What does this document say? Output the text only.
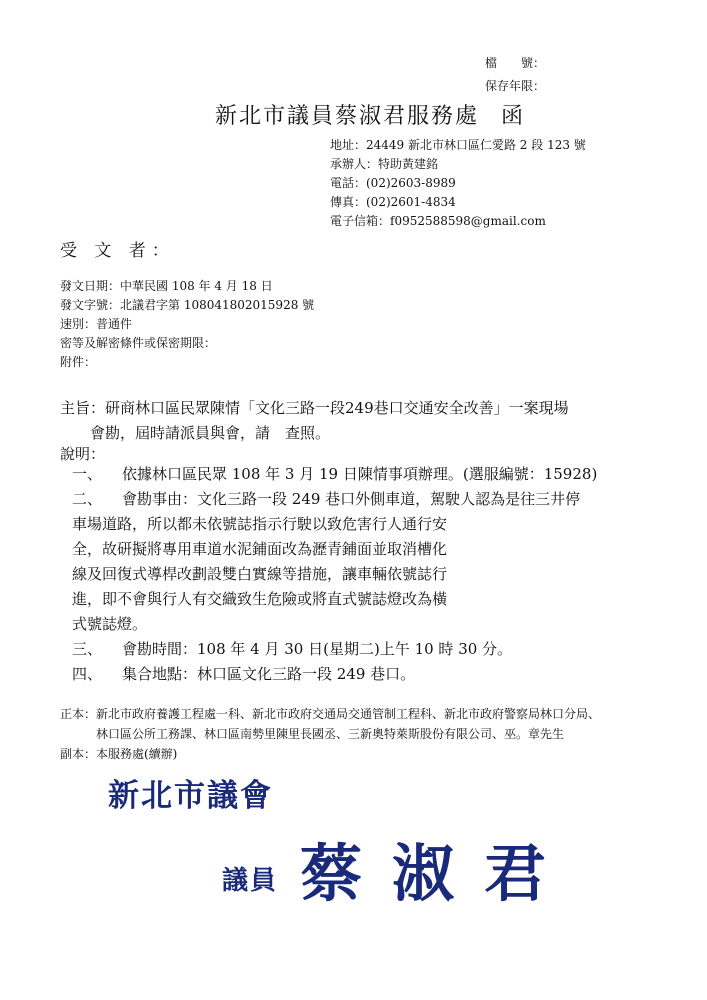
檔　　號：
保存年限：
新北市議員蔡淑君服務處 函
地址：24449 新北市林口區仁愛路 2 段 123 號
承辦人：特助黃建銘
電話：(02)2603-8989
傳真：(02)2601-4834
電子信箱：f0952588598@gmail.com
受 文 者：
發文日期：中華民國 108 年 4 月 18 日
發文字號：北議君字第 108041802015928 號
速別：普通件
密等及解密條件或保密期限：
附件：
主旨：研商林口區民眾陳情「文化三路一段249巷口交通安全改善」一案現場
會勘，屆時請派員與會，請　查照。
說明：
一、	依據林口區民眾 108 年 3 月 19 日陳情事項辦理。(選服編號：15928)
二、	會勘事由： 文化三路一段 249 巷口外側車道，駕駛人認為是往三井停
車場道路，所以都未依號誌指示行駛以致危害行人通行安
全，故研擬將專用車道水泥鋪面改為瀝青鋪面並取消槽化
線及回復式導桿改劃設雙白實線等措施，讓車輛依號誌行
進，即不會與行人有交織致生危險或將直式號誌燈改為橫
式號誌燈。
三、	會勘時間：108 年 4 月 30 日(星期二)上午 10 時 30 分。
四、	集合地點：林口區文化三路一段 249 巷口。
正本：新北市政府養護工程處一科、新北市政府交通局交通管制工程科、新北市政府警察局林口分局、
林口區公所工務課、林口區南勢里陳里長國丞、三新奧特萊斯股份有限公司、巫。章先生
副本：本服務處(續辦)
新北市議會
議員 蔡淑君
